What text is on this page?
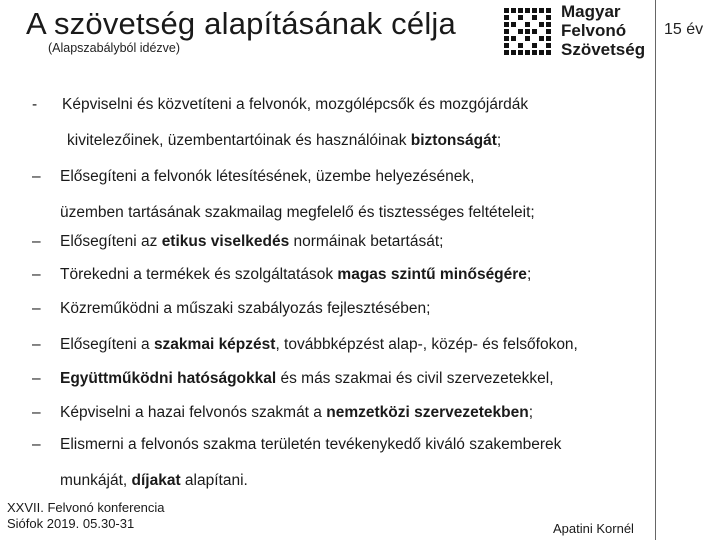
A szövetség alapításának célja
(Alapszabályból idézve)
Magyar
Felvonó
Szövetség
15 év
- Képviselni és közvetíteni a felvonók, mozgólépcsők és mozgójárdák
kivitelezőinek, üzembentartóinak és használóinak biztonságát;
– Elősegíteni a felvonók létesítésének, üzembe helyezésének,
üzemben tartásának szakmailag megfelelő és tisztességes feltételeit;
– Elősegíteni az etikus viselkedés normáinak betartását;
– Törekedni a termékek és szolgáltatások magas szintű minőségére;
– Közreműködni a műszaki szabályozás fejlesztésében;
– Elősegíteni a szakmai képzést, továbbképzést alap-, közép- és felsőfokon,
– Együttműködni hatóságokkal és más szakmai és civil szervezetekkel,
– Képviselni a hazai felvonós szakmát a nemzetközi szervezetekben;
– Elismerni a felvonós szakma területén tevékenykedő kiváló szakemberek
munkáját, díjakat alapítani.
XXVII. Felvonó konferencia
Siófok 2019. 05.30-31	Apatini Kornél
